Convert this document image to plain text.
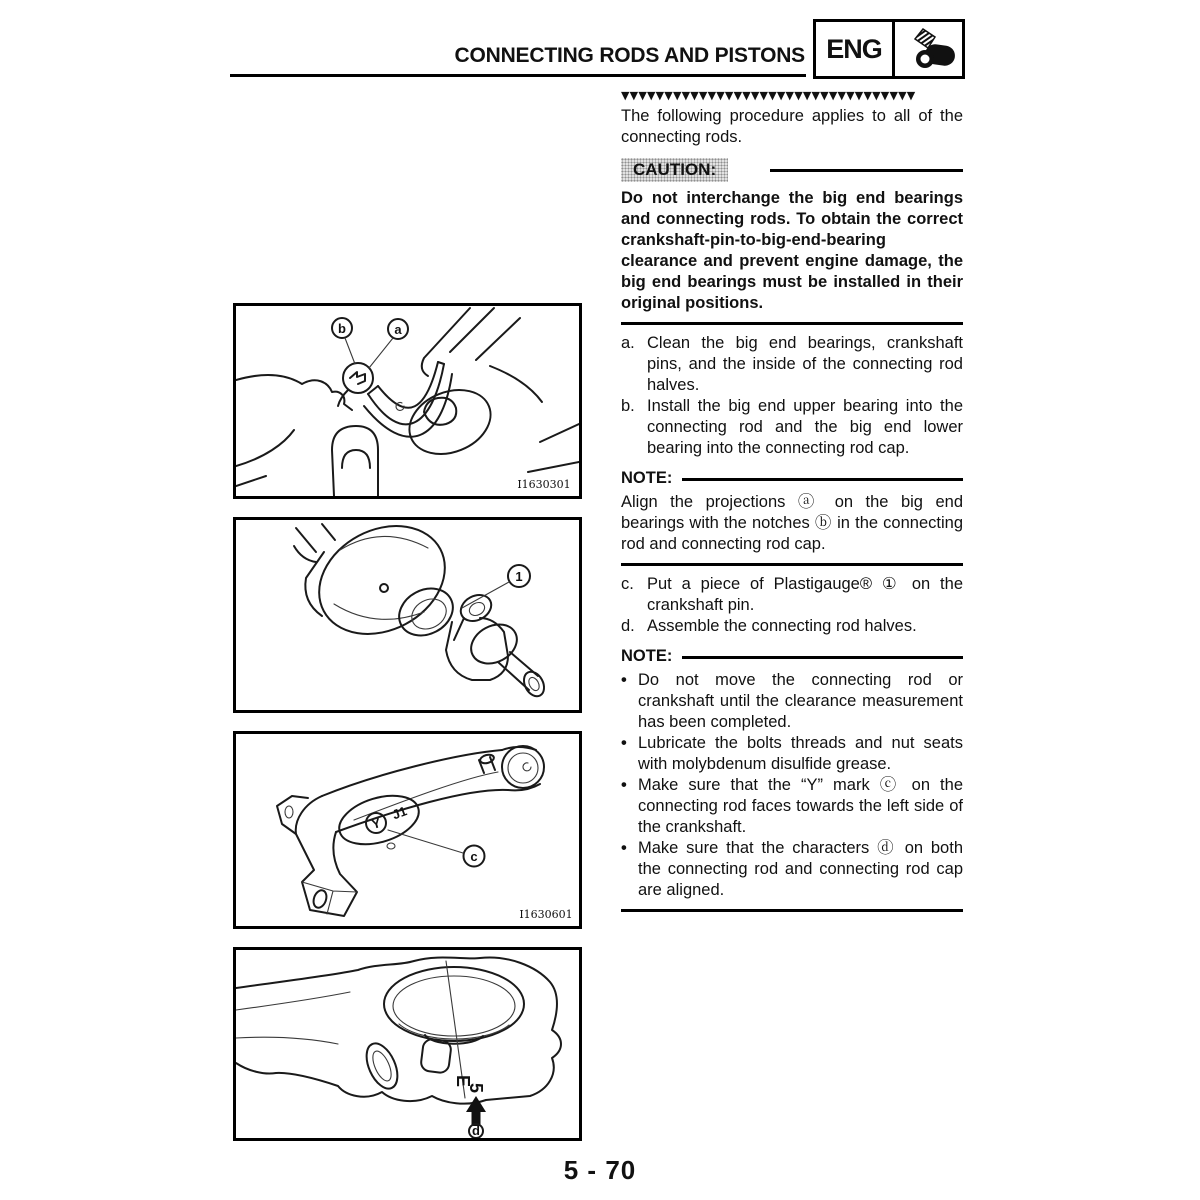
CONNECTING RODS AND PISTONS ENG
b	a
I1630301
1
Y
J1
c
I1630601
E
5
d
▼▼▼▼▼▼▼▼▼▼▼▼▼▼▼▼▼▼▼▼▼▼▼▼▼▼▼▼▼▼▼▼▼▼

The following procedure applies to all of the connecting rods.

CAUTION:

Do not interchange the big end bearings and connecting rods. To obtain the correct crankshaft-pin-to-big-end-bearing clearance and prevent engine damage, the big end bearings must be installed in their original positions.

a. Clean the big end bearings, crankshaft pins, and the inside of the connecting rod halves.
b. Install the big end upper bearing into the connecting rod and the big end lower bearing into the connecting rod cap.
NOTE:

Align the projections ⓐ on the big end bearings with the notches ⓑ in the connecting rod and connecting rod cap.

c. Put a piece of Plastigauge® ① on the crankshaft pin.
d. Assemble the connecting rod halves.
NOTE:
• Do not move the connecting rod or crankshaft until the clearance measurement has been completed.
• Lubricate the bolts threads and nut seats with molybdenum disulfide grease.
• Make sure that the “Y” mark ⓒ on the connecting rod faces towards the left side of the crankshaft.
• Make sure that the characters ⓓ on both the connecting rod and connecting rod cap are aligned.
5 - 70
